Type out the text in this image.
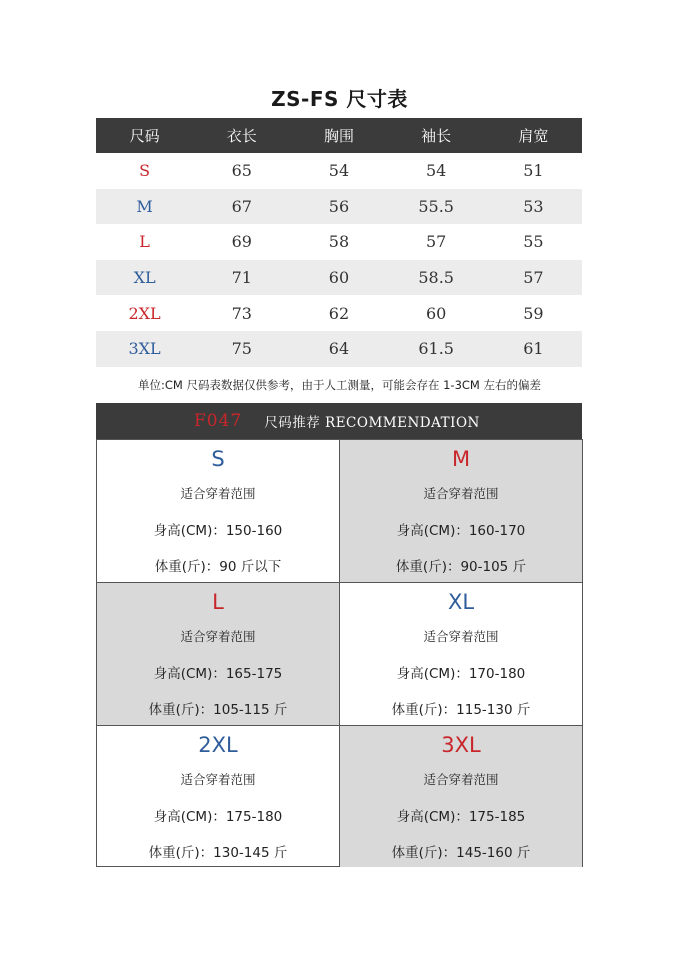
ZS-FS 尺寸表
尺码	衣长	胸围	袖长	肩宽
S	65	54	54	51
M	67	56	55.5	53
L	69	58	57	55
XL	71	60	58.5	57
2XL	73	62	60	59
3XL	75	64	61.5	61
单位:CM 尺码表数据仅供参考，由于人工测量，可能会存在 1-3CM 左右的偏差
F047 尺码推荐 RECOMMENDATION
S
适合穿着范围
身高(CM)：150-160
体重(斤)：90 斤以下
M
适合穿着范围
身高(CM)：160-170
体重(斤)：90-105 斤
L
适合穿着范围
身高(CM)：165-175
体重(斤)：105-115 斤
XL
适合穿着范围
身高(CM)：170-180
体重(斤)：115-130 斤
2XL
适合穿着范围
身高(CM)：175-180
体重(斤)：130-145 斤
3XL
适合穿着范围
身高(CM)：175-185
体重(斤)：145-160 斤
